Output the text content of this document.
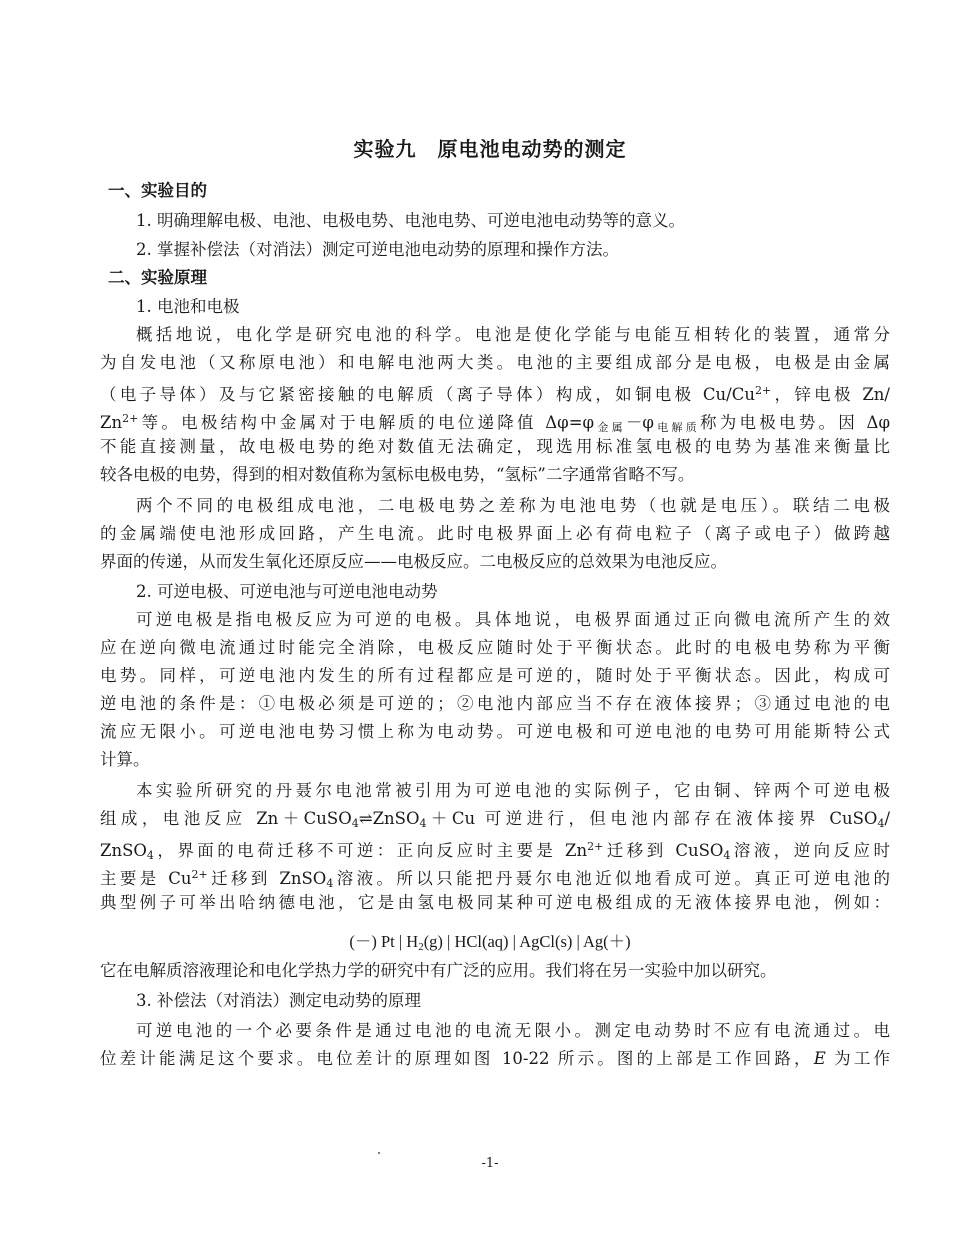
实验九　原电池电动势的测定
一、实验目的
1. 明确理解电极、电池、电极电势、电池电势、可逆电池电动势等的意义。
2. 掌握补偿法（对消法）测定可逆电池电动势的原理和操作方法。
二、实验原理
1. 电池和电极
概括地说，电化学是研究电池的科学。电池是使化学能与电能互相转化的装置，通常分
为自发电池（又称原电池）和电解电池两大类。电池的主要组成部分是电极，电极是由金属
（电子导体）及与它紧密接触的电解质（离子导体）构成，如铜电极 $Cu/Cu^{2+}$，锌电极 Zn/
$Zn^{2+}$等。电极结构中金属对于电解质的电位递降值 $\Delta\varphi=\varphi_{金属}-\varphi_{电解质}$称为电极电势。因 Δφ
不能直接测量，故电极电势的绝对数值无法确定，现选用标准氢电极的电势为基准来衡量比
较各电极的电势，得到的相对数值称为氢标电极电势，“氢标”二字通常省略不写。
两个不同的电极组成电池，二电极电势之差称为电池电势（也就是电压）。联结二电极
的金属端使电池形成回路，产生电流。此时电极界面上必有荷电粒子（离子或电子）做跨越
界面的传递，从而发生氧化还原反应——电极反应。二电极反应的总效果为电池反应。
2. 可逆电极、可逆电池与可逆电池电动势
可逆电极是指电极反应为可逆的电极。具体地说，电极界面通过正向微电流所产生的效
应在逆向微电流通过时能完全消除，电极反应随时处于平衡状态。此时的电极电势称为平衡
电势。同样，可逆电池内发生的所有过程都应是可逆的，随时处于平衡状态。因此，构成可
逆电池的条件是：①电极必须是可逆的；②电池内部应当不存在液体接界；③通过电池的电
流应无限小。可逆电池电势习惯上称为电动势。可逆电极和可逆电池的电势可用能斯特公式
计算。
本实验所研究的丹聂尔电池常被引用为可逆电池的实际例子，它由铜、锌两个可逆电极
组成，电池反应 Zn＋CuSO$_4$⇌ZnSO$_4$＋Cu 可逆进行，但电池内部存在液体接界 CuSO$_4$/
ZnSO$_4$，界面的电荷迁移不可逆：正向反应时主要是 $Zn^{2+}$迁移到 CuSO$_4$溶液，逆向反应时
主要是 $Cu^{2+}$迁移到 ZnSO$_4$溶液。所以只能把丹聂尔电池近似地看成可逆。真正可逆电池的
典型例子可举出哈纳德电池，它是由氢电极同某种可逆电极组成的无液体接界电池，例如：
(－) Pt | $H_2(g)$ | HCl(aq) | AgCl(s) | Ag(＋)
它在电解质溶液理论和电化学热力学的研究中有广泛的应用。我们将在另一实验中加以研究。
3. 补偿法（对消法）测定电动势的原理
可逆电池的一个必要条件是通过电池的电流无限小。测定电动势时不应有电流通过。电
位差计能满足这个要求。电位差计的原理如图 10-22 所示。图的上部是工作回路，E 为工作
-1-
